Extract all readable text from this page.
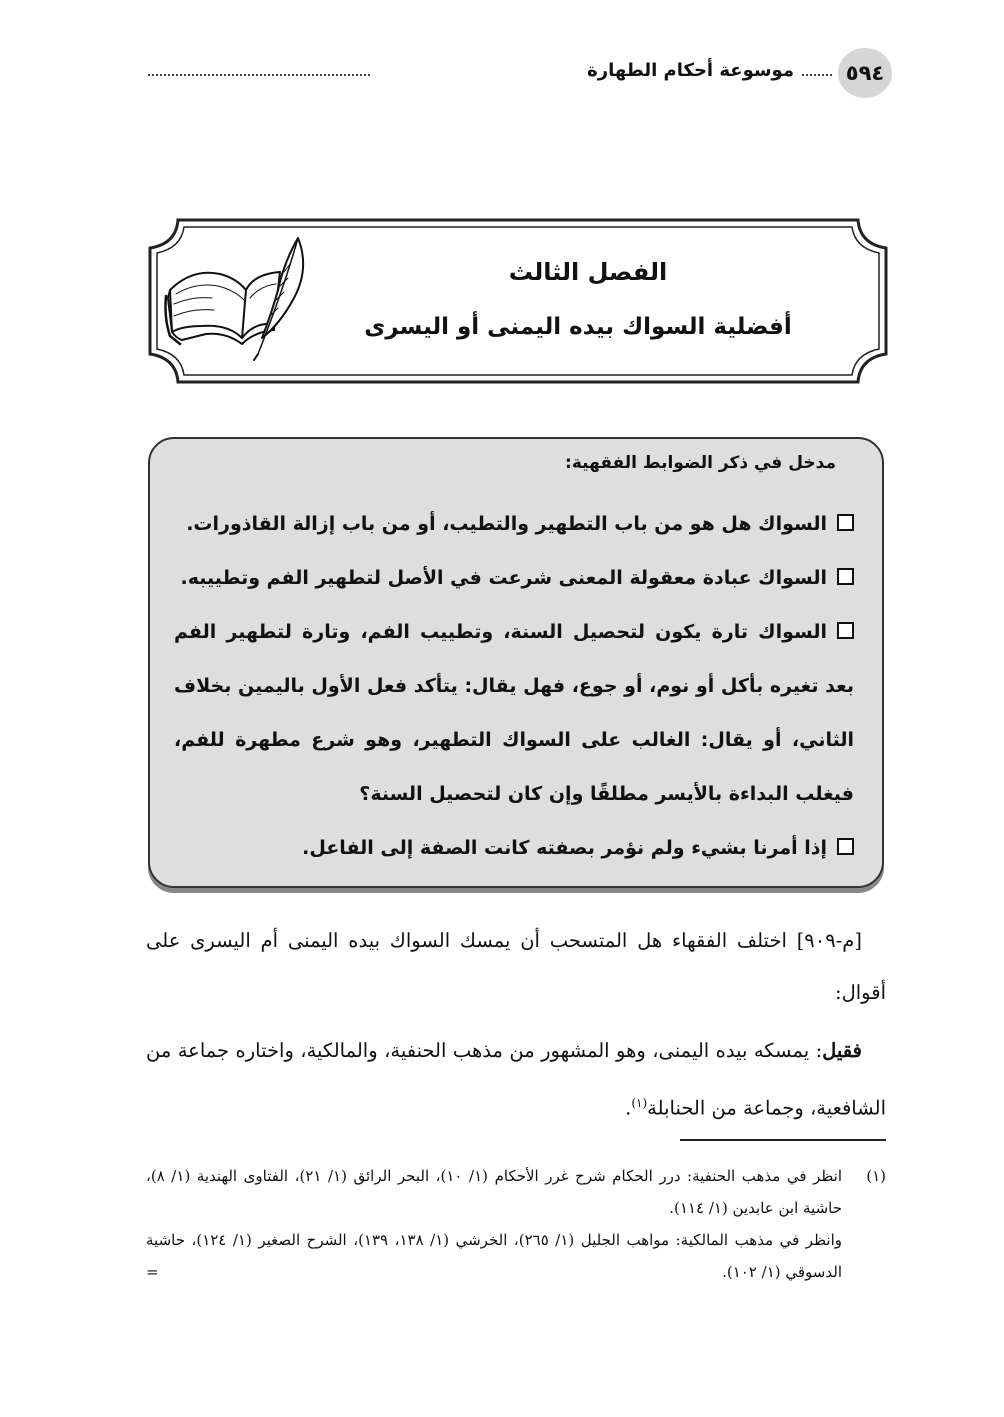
٥٩٤
موسوعة أحكام الطهارة
الفصل الثالث
أفضلية السواك بيده اليمنى أو اليسرى
مدخل في ذكر الضوابط الفقهية:
السواك هل هو من باب التطهير والتطيب، أو من باب إزالة القاذورات.
السواك عبادة معقولة المعنى شرعت في الأصل لتطهير الفم وتطييبه.
السواك تارة يكون لتحصيل السنة، وتطييب الفم، وتارة لتطهير الفم بعد تغيره بأكل أو نوم، أو جوع، فهل يقال: يتأكد فعل الأول باليمين بخلاف الثاني، أو يقال: الغالب على السواك التطهير، وهو شرع مطهرة للفم، فيغلب البداءة بالأيسر مطلقًا وإن كان لتحصيل السنة؟
إذا أمرنا بشيء ولم نؤمر بصفته كانت الصفة إلى الفاعل.

[م-٩٠٩] اختلف الفقهاء هل المتسحب أن يمسك السواك بيده اليمنى أم اليسرى على أقوال:

فقيل: يمسكه بيده اليمنى، وهو المشهور من مذهب الحنفية، والمالكية، واختاره جماعة من الشافعية، وجماعة من الحنابلة$^{(١)}$.

(١)

انظر في مذهب الحنفية: درر الحكام شرح غرر الأحكام (١/ ١٠)، البحر الرائق (١/ ٢١)، الفتاوى الهندية (١/ ٨)، حاشية ابن عابدين (١/ ١١٤).

وانظر في مذهب المالكية: مواهب الجليل (١/ ٢٦٥)، الخرشي (١/ ١٣٨، ١٣٩)، الشرح الصغير (١/ ١٢٤)، حاشية الدسوقي (١/ ١٠٢).

=
